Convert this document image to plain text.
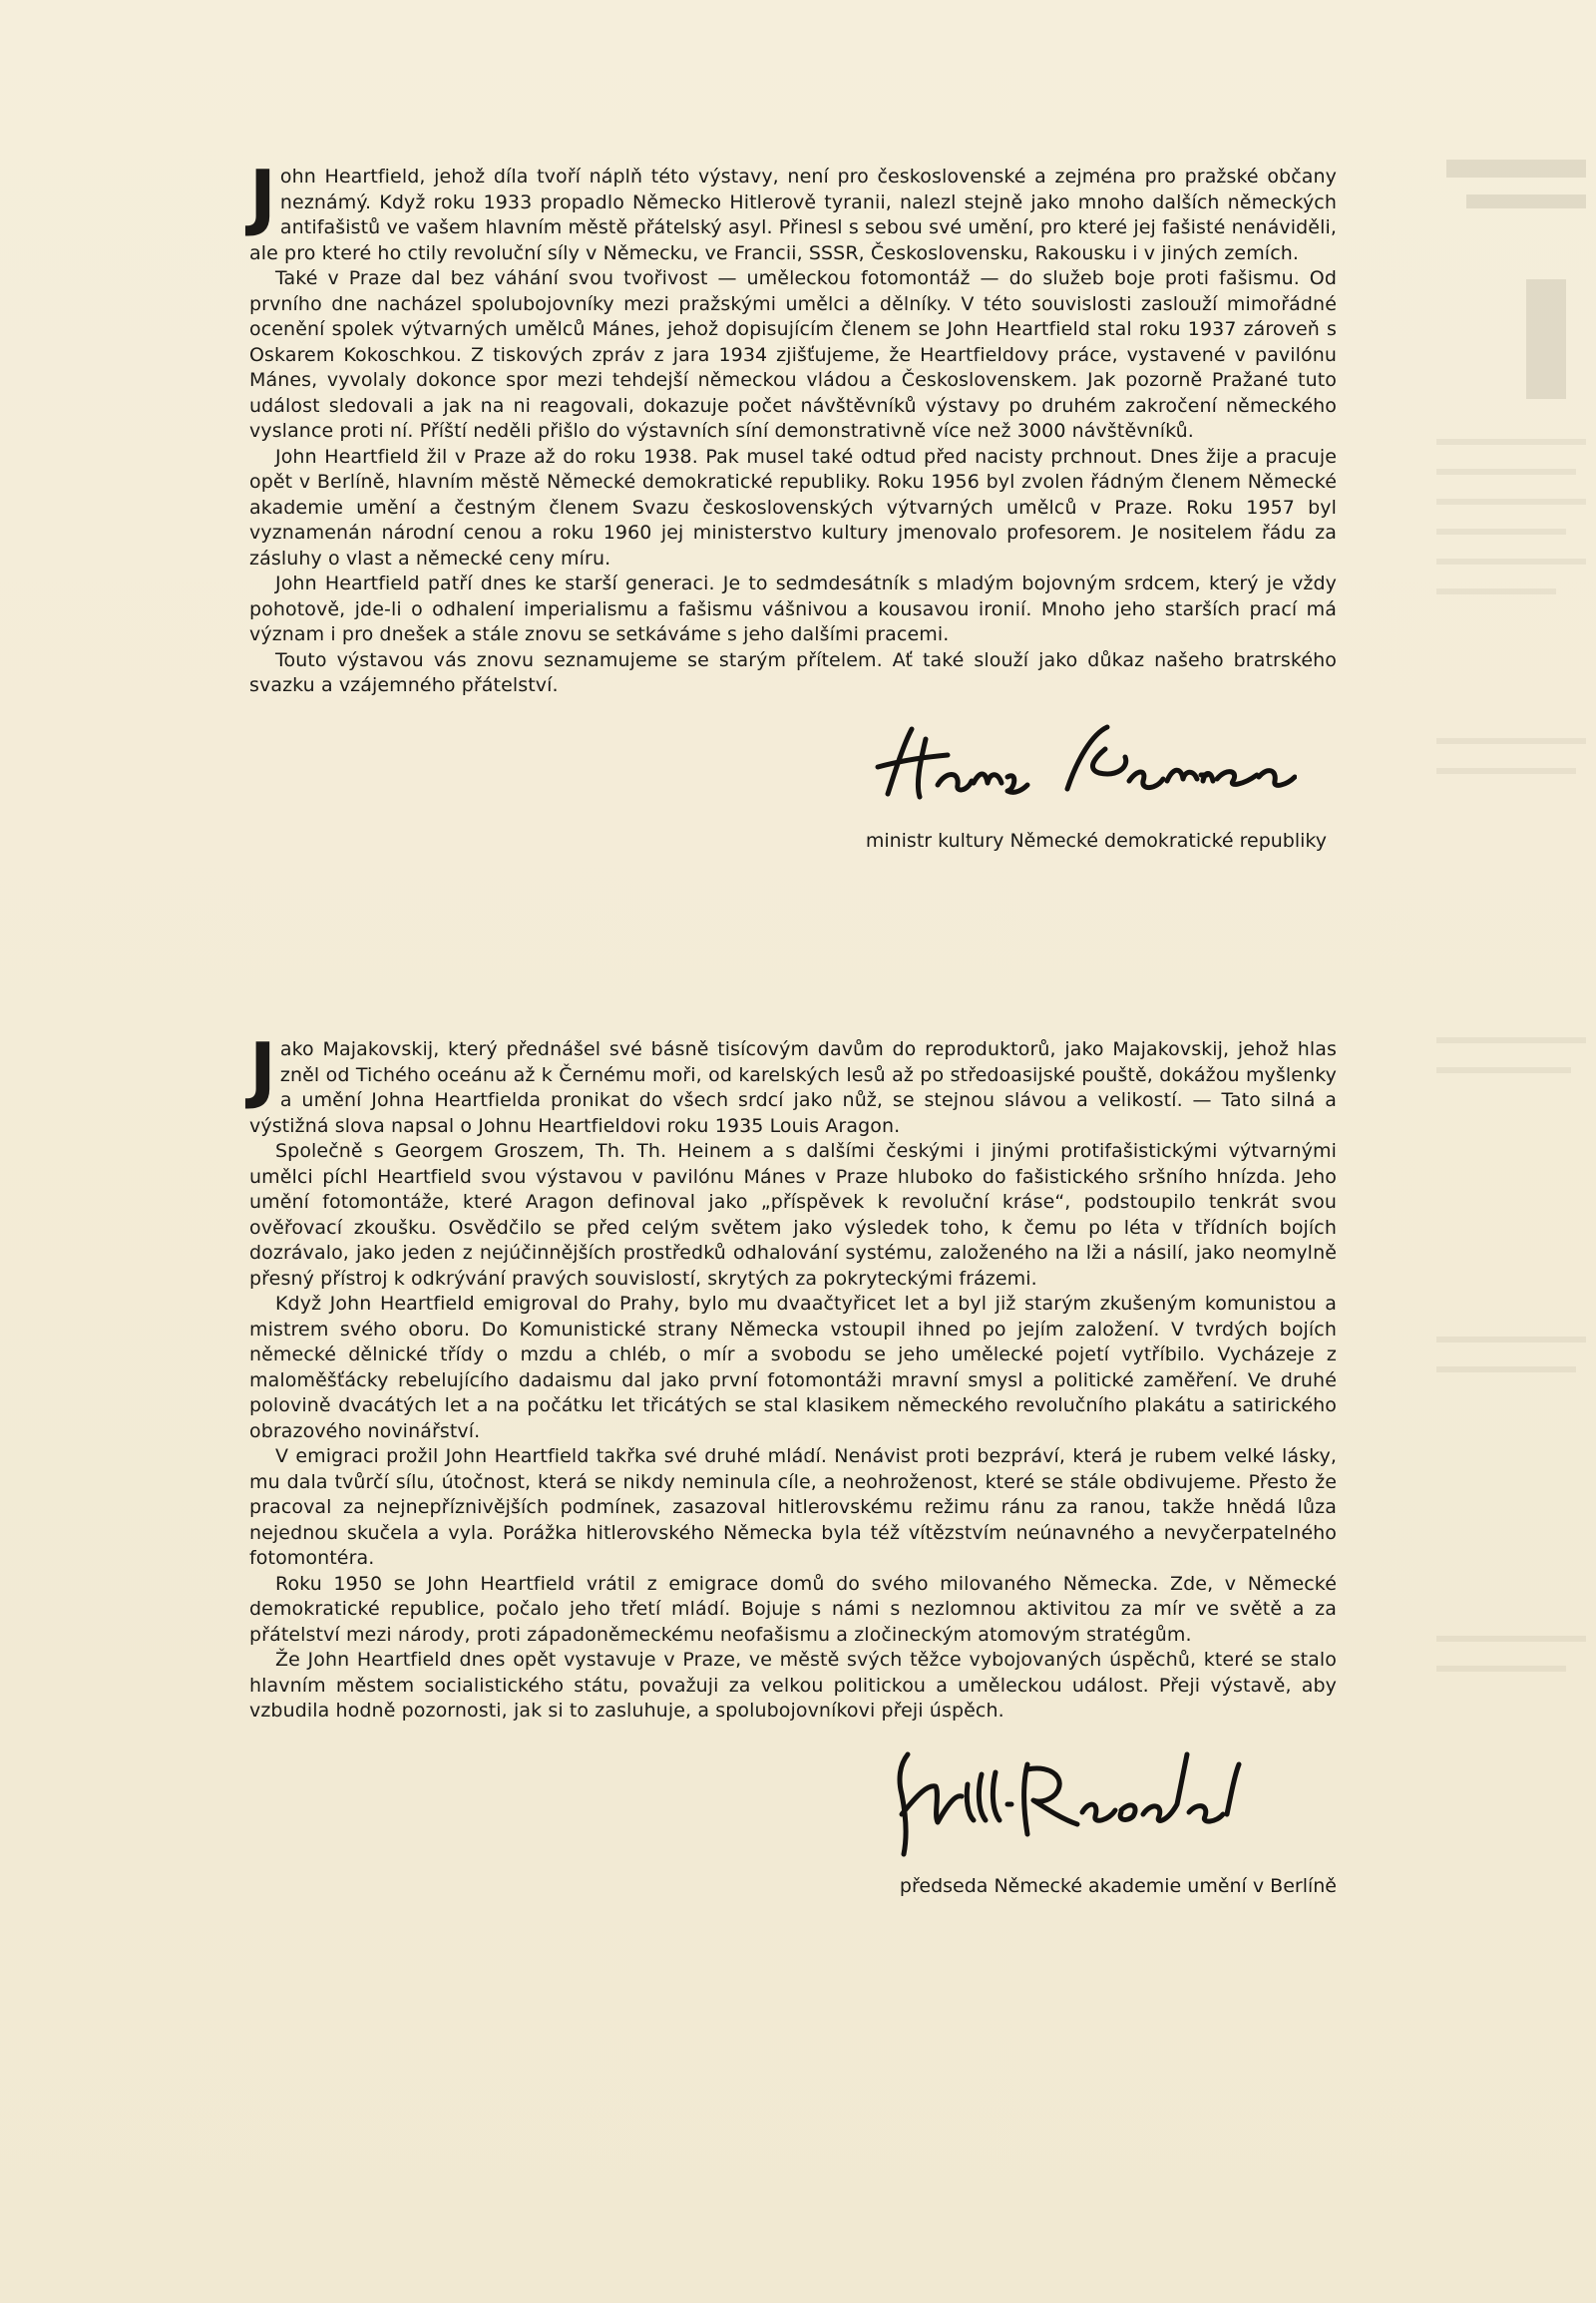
John Heartfield, jehož díla tvoří náplň této výstavy, není pro československé a zejména pro pražské občany neznámý. Když roku 1933 propadlo Německo Hitlerově tyranii, nalezl stejně jako mnoho dalších německých antifašistů ve vašem hlavním městě přátelský asyl. Přinesl s sebou své umění, pro které jej fašisté nenáviděli, ale pro které ho ctily revoluční síly v Německu, ve Francii, SSSR, Československu, Rakousku i v jiných zemích.

Také v Praze dal bez váhání svou tvořivost — uměleckou fotomontáž — do služeb boje proti fašismu. Od prvního dne nacházel spolubojovníky mezi pražskými umělci a dělníky. V této souvislosti zaslouží mimořádné ocenění spolek výtvarných umělců Mánes, jehož dopisujícím členem se John Heartfield stal roku 1937 zároveň s Oskarem Kokoschkou. Z tiskových zpráv z jara 1934 zjišťujeme, že Heartfieldovy práce, vystavené v pavilónu Mánes, vyvolaly dokonce spor mezi tehdejší německou vládou a Československem. Jak pozorně Pražané tuto událost sledovali a jak na ni reagovali, dokazuje počet návštěvníků výstavy po druhém zakročení německého vyslance proti ní. Příští neděli přišlo do výstavních síní demonstrativně více než 3000 návštěvníků.

John Heartfield žil v Praze až do roku 1938. Pak musel také odtud před nacisty prchnout. Dnes žije a pracuje opět v Berlíně, hlavním městě Německé demokratické republiky. Roku 1956 byl zvolen řádným členem Německé akademie umění a čestným členem Svazu československých výtvarných umělců v Praze. Roku 1957 byl vyznamenán národní cenou a roku 1960 jej ministerstvo kultury jmenovalo profesorem. Je nositelem řádu za zásluhy o vlast a německé ceny míru.

John Heartfield patří dnes ke starší generaci. Je to sedmdesátník s mladým bojovným srdcem, který je vždy pohotově, jde-li o odhalení imperialismu a fašismu vášnivou a kousavou ironií. Mnoho jeho starších prací má význam i pro dnešek a stále znovu se setkáváme s jeho dalšími pracemi.

Touto výstavou vás znovu seznamujeme se starým přítelem. Ať také slouží jako důkaz našeho bratrského svazku a vzájemného přátelství.

ministr kultury Německé demokratické republiky

Jako Majakovskij, který přednášel své básně tisícovým davům do reproduktorů, jako Majakovskij, jehož hlas zněl od Tichého oceánu až k Černému moři, od karelských lesů až po středoasijské pouště, dokážou myšlenky a umění Johna Heartfielda pronikat do všech srdcí jako nůž, se stejnou slávou a velikostí. — Tato silná a výstižná slova napsal o Johnu Heartfieldovi roku 1935 Louis Aragon.

Společně s Georgem Groszem, Th. Th. Heinem a s dalšími českými i jinými protifašistickými výtvarnými umělci píchl Heartfield svou výstavou v pavilónu Mánes v Praze hluboko do fašistického sršního hnízda. Jeho umění fotomontáže, které Aragon definoval jako „příspěvek k revoluční kráse“, podstoupilo tenkrát svou ověřovací zkoušku. Osvědčilo se před celým světem jako výsledek toho, k čemu po léta v třídních bojích dozrávalo, jako jeden z nejúčinnějších prostředků odhalování systému, založeného na lži a násilí, jako neomylně přesný přístroj k odkrývání pravých souvislostí, skrytých za pokryteckými frázemi.

Když John Heartfield emigroval do Prahy, bylo mu dvaačtyřicet let a byl již starým zkušeným komunistou a mistrem svého oboru. Do Komunistické strany Německa vstoupil ihned po jejím založení. V tvrdých bojích německé dělnické třídy o mzdu a chléb, o mír a svobodu se jeho umělecké pojetí vytříbilo. Vycházeje z maloměšťácky rebelujícího dadaismu dal jako první fotomontáži mravní smysl a politické zaměření. Ve druhé polovině dvacátých let a na počátku let třicátých se stal klasikem německého revolučního plakátu a satirického obrazového novinářství.

V emigraci prožil John Heartfield takřka své druhé mládí. Nenávist proti bezpráví, která je rubem velké lásky, mu dala tvůrčí sílu, útočnost, která se nikdy neminula cíle, a neohroženost, které se stále obdivujeme. Přesto že pracoval za nejnepříznivějších podmínek, zasazoval hitlerovskému režimu ránu za ranou, takže hnědá lůza nejednou skučela a vyla. Porážka hitlerovského Německa byla též vítězstvím neúnavného a nevyčerpatelného fotomontéra.

Roku 1950 se John Heartfield vrátil z emigrace domů do svého milovaného Německa. Zde, v Německé demokratické republice, počalo jeho třetí mládí. Bojuje s námi s nezlomnou aktivitou za mír ve světě a za přátelství mezi národy, proti západoněmeckému neofašismu a zločineckým atomovým stratégům.

Že John Heartfield dnes opět vystavuje v Praze, ve městě svých těžce vybojovaných úspěchů, které se stalo hlavním městem socialistického státu, považuji za velkou politickou a uměleckou událost. Přeji výstavě, aby vzbudila hodně pozornosti, jak si to zasluhuje, a spolubojovníkovi přeji úspěch.

předseda Německé akademie umění v Berlíně
